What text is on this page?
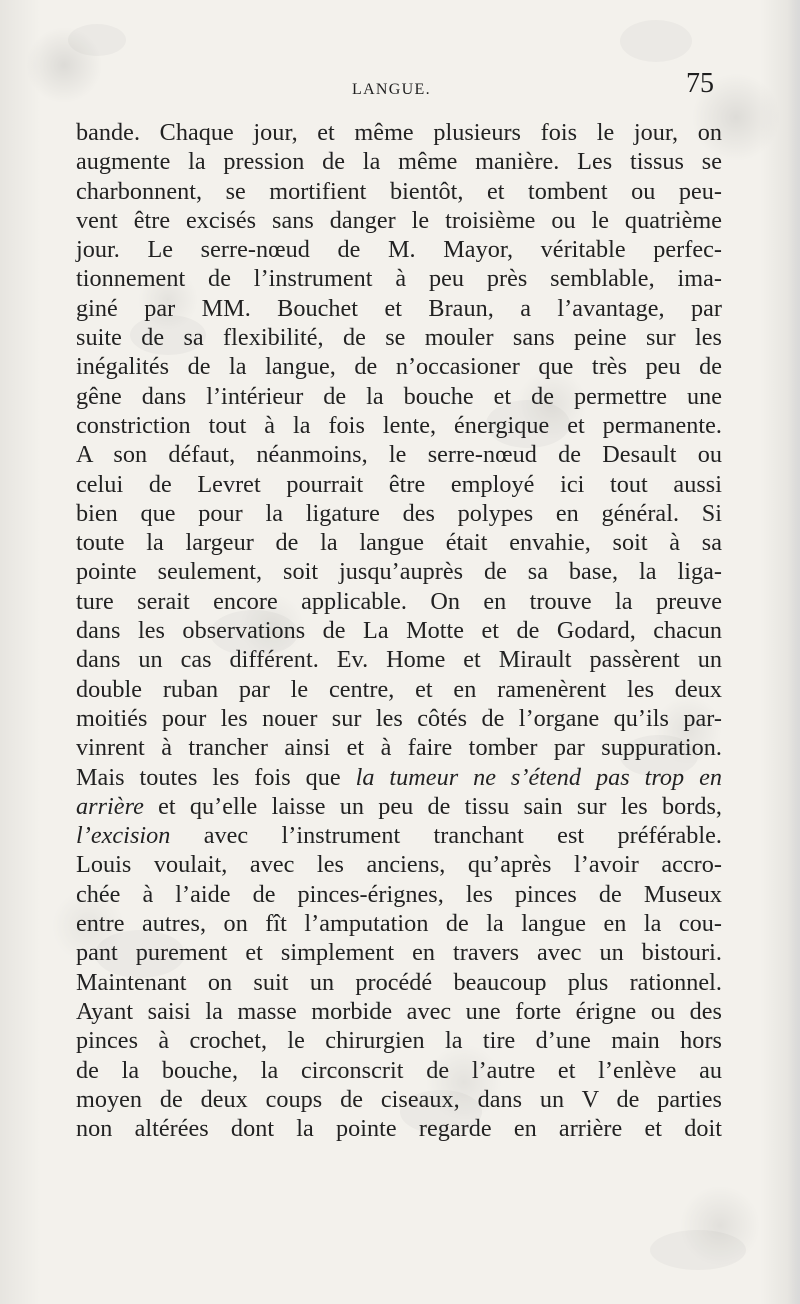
LANGUE.	75
bande. Chaque jour, et même plusieurs fois le jour, on
augmente la pression de la même manière. Les tissus se
charbonnent, se mortifient bientôt, et tombent ou peu-
vent être excisés sans danger le troisième ou le quatrième
jour. Le serre-nœud de M. Mayor, véritable perfec-
tionnement de l’instrument à peu près semblable, ima-
giné par MM. Bouchet et Braun, a l’avantage, par
suite de sa flexibilité, de se mouler sans peine sur les
inégalités de la langue, de n’occasioner que très peu de
gêne dans l’intérieur de la bouche et de permettre une
constriction tout à la fois lente, énergique et permanente.
A son défaut, néanmoins, le serre-nœud de Desault ou
celui de Levret pourrait être employé ici tout aussi
bien que pour la ligature des polypes en général. Si
toute la largeur de la langue était envahie, soit à sa
pointe seulement, soit jusqu’auprès de sa base, la liga-
ture serait encore applicable. On en trouve la preuve
dans les observations de La Motte et de Godard, chacun
dans un cas différent. Ev. Home et Mirault passèrent un
double ruban par le centre, et en ramenèrent les deux
moitiés pour les nouer sur les côtés de l’organe qu’ils par-
vinrent à trancher ainsi et à faire tomber par suppuration.
Mais toutes les fois que la tumeur ne s’étend pas trop en
arrière et qu’elle laisse un peu de tissu sain sur les bords,
l’excision avec l’instrument tranchant est préférable.
Louis voulait, avec les anciens, qu’après l’avoir accro-
chée à l’aide de pinces-érignes, les pinces de Museux
entre autres, on fît l’amputation de la langue en la cou-
pant purement et simplement en travers avec un bistouri.
Maintenant on suit un procédé beaucoup plus rationnel.
Ayant saisi la masse morbide avec une forte érigne ou des
pinces à crochet, le chirurgien la tire d’une main hors
de la bouche, la circonscrit de l’autre et l’enlève au
moyen de deux coups de ciseaux, dans un V de parties
non altérées dont la pointe regarde en arrière et doit
